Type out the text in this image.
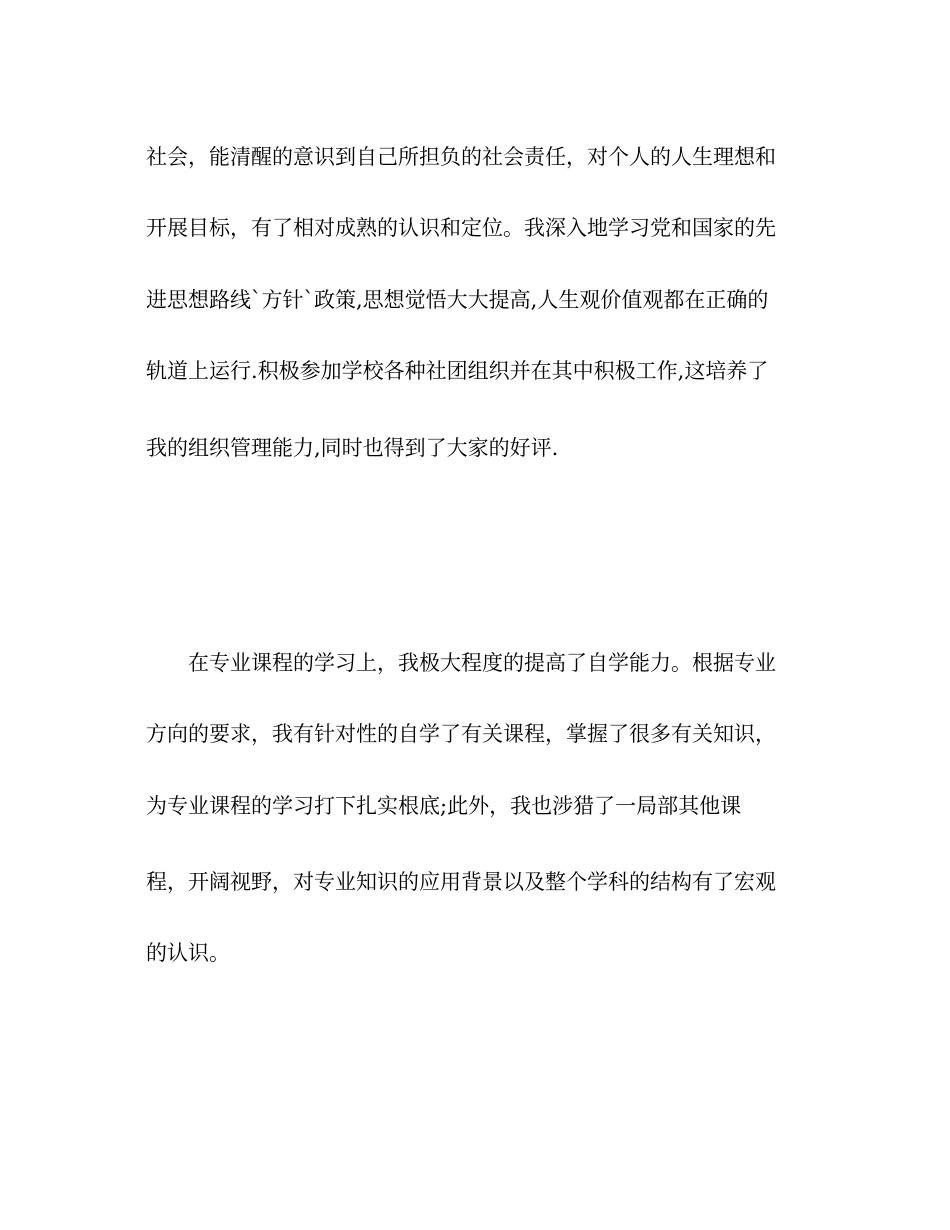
社会，能清醒的意识到自己所担负的社会责任，对个人的人生理想和
开展目标，有了相对成熟的认识和定位。我深入地学习党和国家的先
进思想路线`方针`政策,思想觉悟大大提高,人生观价值观都在正确的
轨道上运行.积极参加学校各种社团组织并在其中积极工作,这培养了
我的组织管理能力,同时也得到了大家的好评.
在专业课程的学习上，我极大程度的提高了自学能力。根据专业
方向的要求，我有针对性的自学了有关课程，掌握了很多有关知识，
为专业课程的学习打下扎实根底;此外，我也涉猎了一局部其他课
程，开阔视野，对专业知识的应用背景以及整个学科的结构有了宏观
的认识。
